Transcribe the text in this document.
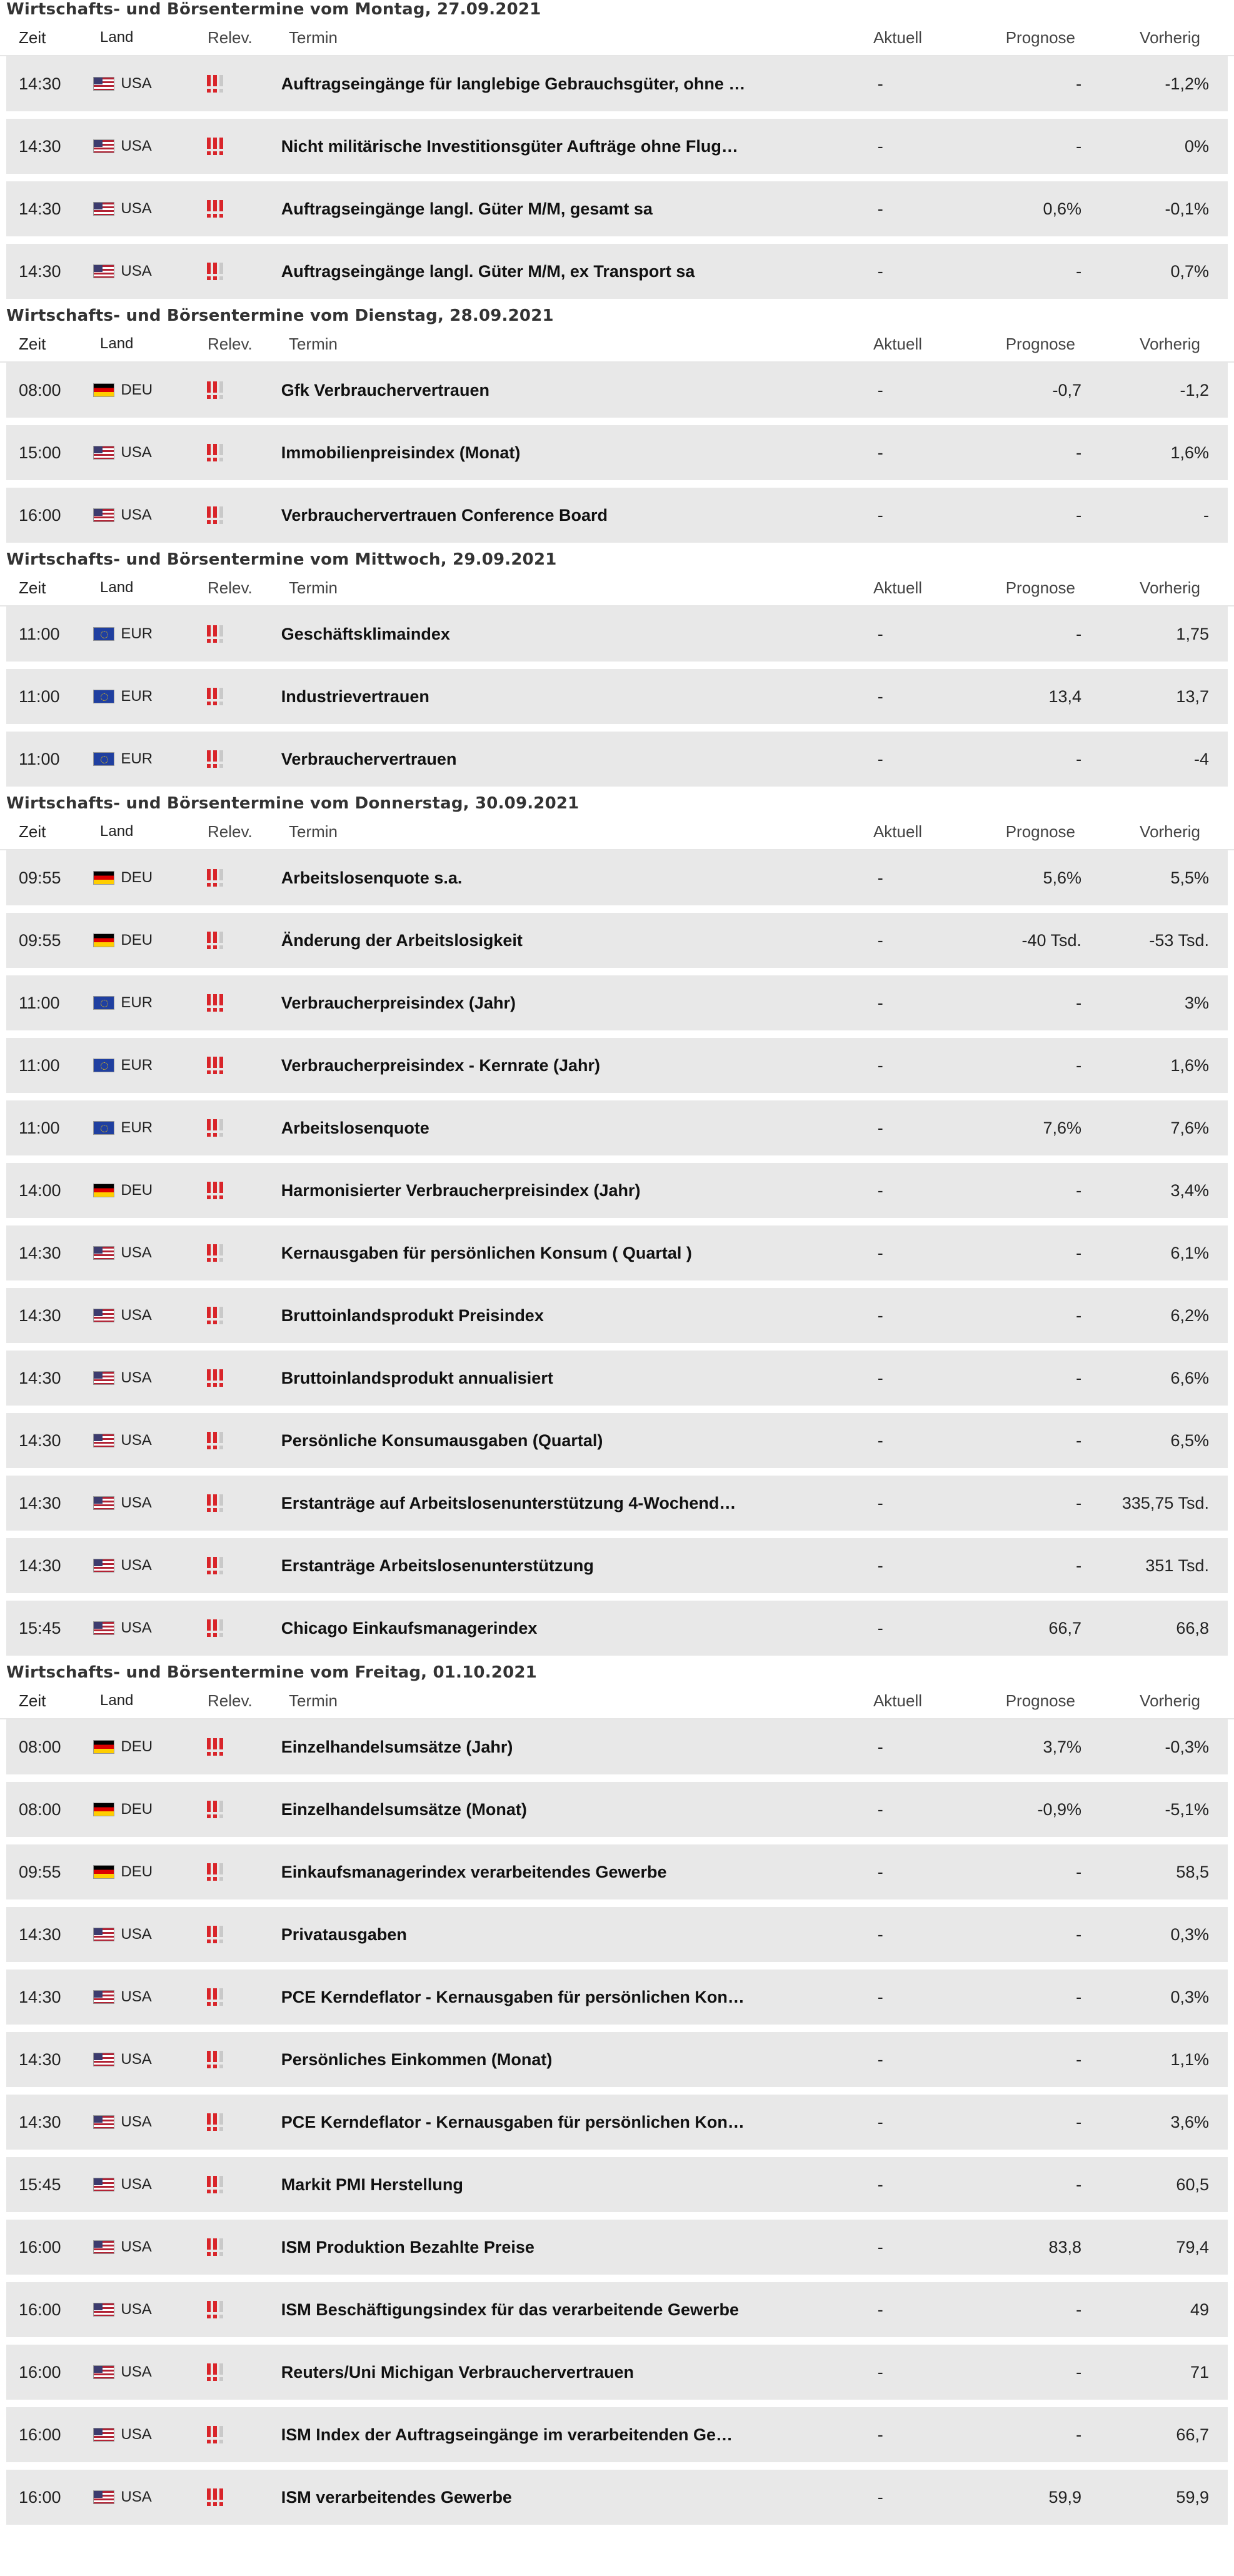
Wirtschafts- und Börsentermine vom Montag, 27.09.2021
Zeit	Land	Relev.	Termin	Aktuell	Prognose	Vorherig
14:30	USA	Auftragseingänge für langlebige Gebrauchsgüter, ohne …	-	-	-1,2%
14:30	USA	Nicht militärische Investitionsgüter Aufträge ohne Flug…	-	-	0%
14:30	USA	Auftragseingänge langl. Güter M/M, gesamt sa	-	0,6%	-0,1%
14:30	USA	Auftragseingänge langl. Güter M/M, ex Transport sa	-	-	0,7%
Wirtschafts- und Börsentermine vom Dienstag, 28.09.2021
Zeit	Land	Relev.	Termin	Aktuell	Prognose	Vorherig
08:00	DEU	Gfk Verbrauchervertrauen	-	-0,7	-1,2
15:00	USA	Immobilienpreisindex (Monat)	-	-	1,6%
16:00	USA	Verbrauchervertrauen Conference Board	-	-	-
Wirtschafts- und Börsentermine vom Mittwoch, 29.09.2021
Zeit	Land	Relev.	Termin	Aktuell	Prognose	Vorherig
11:00	EUR	Geschäftsklimaindex	-	-	1,75
11:00	EUR	Industrievertrauen	-	13,4	13,7
11:00	EUR	Verbrauchervertrauen	-	-	-4
Wirtschafts- und Börsentermine vom Donnerstag, 30.09.2021
Zeit	Land	Relev.	Termin	Aktuell	Prognose	Vorherig
09:55	DEU	Arbeitslosenquote s.a.	-	5,6%	5,5%
09:55	DEU	Änderung der Arbeitslosigkeit	-	-40 Tsd.	-53 Tsd.
11:00	EUR	Verbraucherpreisindex (Jahr)	-	-	3%
11:00	EUR	Verbraucherpreisindex - Kernrate (Jahr)	-	-	1,6%
11:00	EUR	Arbeitslosenquote	-	7,6%	7,6%
14:00	DEU	Harmonisierter Verbraucherpreisindex (Jahr)	-	-	3,4%
14:30	USA	Kernausgaben für persönlichen Konsum ( Quartal )	-	-	6,1%
14:30	USA	Bruttoinlandsprodukt Preisindex	-	-	6,2%
14:30	USA	Bruttoinlandsprodukt annualisiert	-	-	6,6%
14:30	USA	Persönliche Konsumausgaben (Quartal)	-	-	6,5%
14:30	USA	Erstanträge auf Arbeitslosenunterstützung 4-Wochend…	-	-	335,75 Tsd.
14:30	USA	Erstanträge Arbeitslosenunterstützung	-	-	351 Tsd.
15:45	USA	Chicago Einkaufsmanagerindex	-	66,7	66,8
Wirtschafts- und Börsentermine vom Freitag, 01.10.2021
Zeit	Land	Relev.	Termin	Aktuell	Prognose	Vorherig
08:00	DEU	Einzelhandelsumsätze (Jahr)	-	3,7%	-0,3%
08:00	DEU	Einzelhandelsumsätze (Monat)	-	-0,9%	-5,1%
09:55	DEU	Einkaufsmanagerindex verarbeitendes Gewerbe	-	-	58,5
14:30	USA	Privatausgaben	-	-	0,3%
14:30	USA	PCE Kerndeflator - Kernausgaben für persönlichen Kon…	-	-	0,3%
14:30	USA	Persönliches Einkommen (Monat)	-	-	1,1%
14:30	USA	PCE Kerndeflator - Kernausgaben für persönlichen Kon…	-	-	3,6%
15:45	USA	Markit PMI Herstellung	-	-	60,5
16:00	USA	ISM Produktion Bezahlte Preise	-	83,8	79,4
16:00	USA	ISM Beschäftigungsindex für das verarbeitende Gewerbe	-	-	49
16:00	USA	Reuters/Uni Michigan Verbrauchervertrauen	-	-	71
16:00	USA	ISM Index der Auftragseingänge im verarbeitenden Ge…	-	-	66,7
16:00	USA	ISM verarbeitendes Gewerbe	-	59,9	59,9
